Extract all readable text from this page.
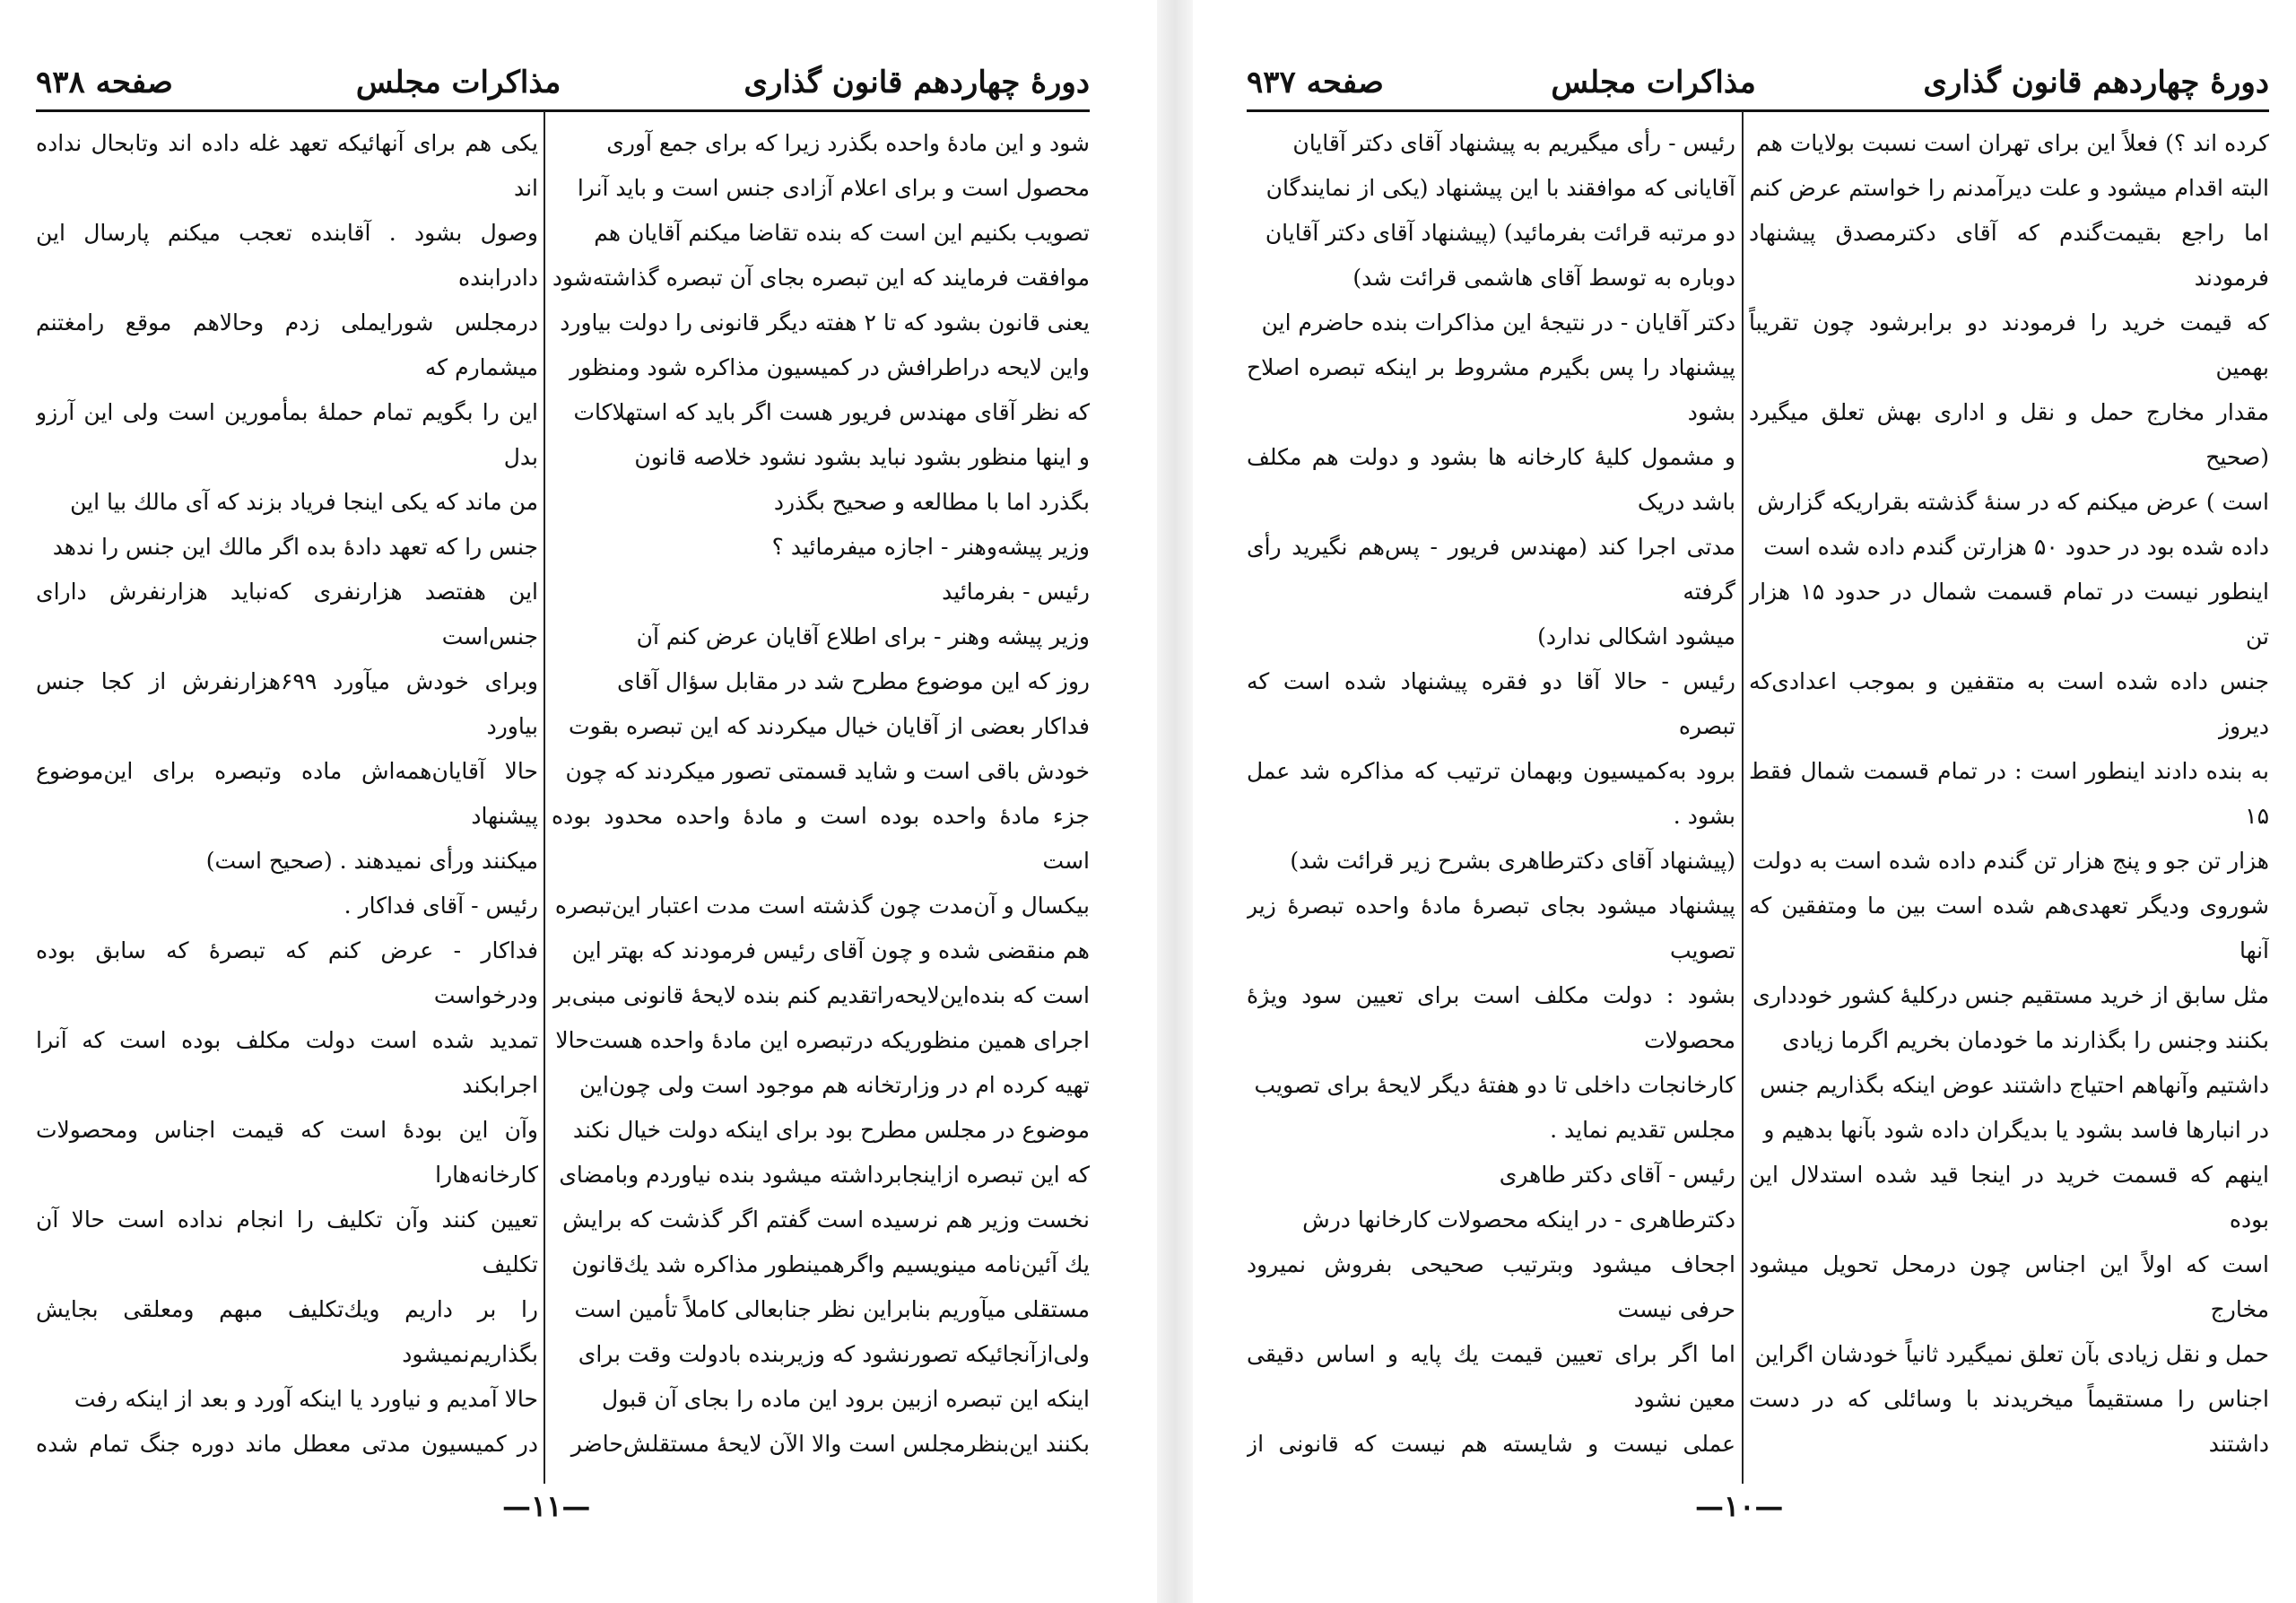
دورهٔ چهاردهم قانون گذاری
مذاکرات مجلس
صفحه ۹۳۸

شود و این مادهٔ واحده بگذرد زیرا که برای جمع آوری
محصول است و برای اعلام آزادی جنس است و باید آنرا
تصویب بکنیم این است که بنده تقاضا میکنم آقایان هم
موافقت فرمایند که این تبصره بجای آن تبصره گذاشته‌شود
یعنی قانون بشود که تا ۲ هفته دیگر قانونی را دولت بیاورد
واین لایحه دراطرافش در کمیسیون مذاکره شود ومنظور
که نظر آقای مهندس فریور هست اگر باید که استهلاکات
و اینها منظور بشود نباید بشود نشود خلاصه قانون
بگذرد اما با مطالعه و صحیح بگذرد
وزیر پیشه‌وهنر - اجازه میفرمائید ؟
رئیس - بفرمائید
وزیر پیشه وهنر - برای اطلاع آقایان عرض کنم آن
روز که این موضوع مطرح شد در مقابل سؤال آقای
فداکار بعضی از آقایان خیال میکردند که این تبصره بقوت
خودش باقی است و شاید قسمتی تصور میکردند که چون
جزء مادهٔ واحده بوده است و مادهٔ واحده محدود بوده است
بیکسال و آن‌مدت چون گذشته است مدت اعتبار این‌تبصره
هم منقضی شده و چون آقای رئیس فرمودند که بهتر این
است که بنده‌این‌لایحه‌راتقدیم کنم بنده لایحهٔ قانونی مبنی‌بر
اجرای همین منظوریکه درتبصره این مادهٔ واحده هست‌حالا
تهیه کرده ام در وزارتخانه هم موجود است ولی چون‌این
موضوع در مجلس مطرح بود برای اینکه دولت خیال نکند
که این تبصره ازاینجابرداشته میشود بنده نیاوردم وبامضای
نخست وزیر هم نرسیده است گفتم اگر گذشت که برایش
یك آئین‌نامه مینویسیم واگرهمینطور مذاکره شد یك‌قانون
مستقلی میآوریم بنابراین نظر جنابعالی کاملاً تأمین است
ولی‌ازآنجائیکه تصورنشود که وزیربنده بادولت وقت برای
اینکه این تبصره ازبین برود این ماده را بجای آن قبول
بکنند این‌بنظرمجلس است والا الآن لایحهٔ مستقلش‌حاضر

یکی هم برای آنهائیکه تعهد غله داده اند وتابحال نداده اند
وصول بشود . آقابنده تعجب میکنم پارسال این دادرابنده
درمجلس شورایملی زدم وحالاهم موقع رامغتنم میشمارم که
این را بگویم تمام حملهٔ بمأمورین است ولی این آرزو بدل
من ماند که یکی اینجا فریاد بزند که آی مالك بیا این
جنس را که تعهد دادهٔ بده اگر مالك این جنس را ندهد
این هفتصد هزارنفری که‌نباید هزارنفرش دارای جنس‌است
وبرای خودش میآورد ۶۹۹هزارنفرش از کجا جنس بیاورد
حالا آقایان‌همه‌اش ماده وتبصره برای این‌موضوع پیشنهاد
میکنند ورأی نمیدهند . (صحیح است)
رئیس - آقای فداکار .
فداکار - عرض کنم که تبصرهٔ که سابق بوده ودرخواست
تمدید شده است دولت مکلف بوده است که آنرا اجرابکند
وآن این بودهٔ است که قیمت اجناس ومحصولات کارخانه‌هارا
تعیین کنند وآن تکلیف را انجام نداده است حالا آن تکلیف
را بر داریم ویك‌تکلیف مبهم ومعلقی بجایش بگذاریم‌نمیشود
حالا آمدیم و نیاورد یا اینکه آورد و بعد از اینکه رفت
در کمیسیون مدتی معطل ماند دوره جنگ تمام شده

—۱۱—
دورهٔ چهاردهم قانون گذاری
مذاکرات مجلس
صفحه ۹۳۷

کرده اند ؟) فعلاً این برای تهران است نسبت بولایات هم
البته اقدام میشود و علت دیرآمدنم را خواستم عرض کنم
اما راجع بقیمت‌گندم که آقای دکترمصدق پیشنهاد فرمودند
که قیمت خرید را فرمودند دو برابرشود چون تقریباً بهمین
مقدار مخارج حمل و نقل و اداری بهش تعلق میگیرد (صحیح
است ) عرض میکنم که در سنهٔ گذشته بقراریکه گزارش
داده شده بود در حدود ۵۰ هزارتن گندم داده شده است
اینطور نیست در تمام قسمت شمال در حدود ۱۵ هزار تن
جنس داده شده است به متقفین و بموجب اعدادی‌که دیروز
به بنده دادند اینطور است : در تمام قسمت شمال فقط ۱۵
هزار تن جو و پنج هزار تن گندم داده شده است به دولت
شوروی ودیگر تعهدی‌هم شده است بین ما ومتفقین که آنها
مثل سابق از خرید مستقیم جنس درکلیهٔ کشور خودداری
بکنند وجنس را بگذارند ما خودمان بخریم اگرما زیادی
داشتیم وآنهاهم احتیاج داشتند عوض اینکه بگذاریم جنس
در انبارها فاسد بشود یا بدیگران داده شود بآنها بدهیم و
اینهم که قسمت خرید در اینجا قید شده استدلال این بوده
است که اولاً این اجناس چون درمحل تحویل میشود مخارج
حمل و نقل زیادی بآن تعلق نمیگیرد ثانیاً خودشان اگراین
اجناس را مستقیماً میخریدند با وسائلی که در دست داشتند

رئیس - رأی میگیریم به پیشنهاد آقای دکتر آقایان
آقایانی که موافقند با این پیشنهاد (یکی از نمایندگان
دو مرتبه قرائت بفرمائید) (پیشنهاد آقای دکتر آقایان
دوباره به توسط آقای هاشمی قرائت شد)
دکتر آقایان - در نتیجهٔ این مذاکرات بنده حاضرم این
پیشنهاد را پس بگیرم مشروط بر اینکه تبصره اصلاح بشود
و مشمول کلیهٔ کارخانه ها بشود و دولت هم مکلف باشد دریک
مدتی اجرا کند (مهندس فریور - پس‌هم نگیرید رأی گرفته
میشود اشکالی ندارد)
رئیس - حالا آقا دو فقره پیشنهاد شده است که تبصره
برود به‌کمیسیون وبهمان ترتیب که مذاکره شد عمل بشود .
(پیشنهاد آقای دکترطاهری بشرح زیر قرائت شد)
پیشنهاد میشود بجای تبصرهٔ مادهٔ واحده تبصرهٔ زیر تصویب
بشود : دولت مکلف است برای تعیین سود ویژهٔ محصولات
کارخانجات داخلی تا دو هفتهٔ دیگر لایحهٔ برای تصویب
مجلس تقدیم نماید .
رئیس - آقای دکتر طاهری
دکترطاهری - در اینکه محصولات کارخانها درش
اجحاف میشود وبترتیب صحیحی بفروش نمیرود حرفی نیست
اما اگر برای تعیین قیمت یك پایه و اساس دقیقی معین نشود
عملی نیست و شایسته هم نیست که قانونی از

—۱۰—
